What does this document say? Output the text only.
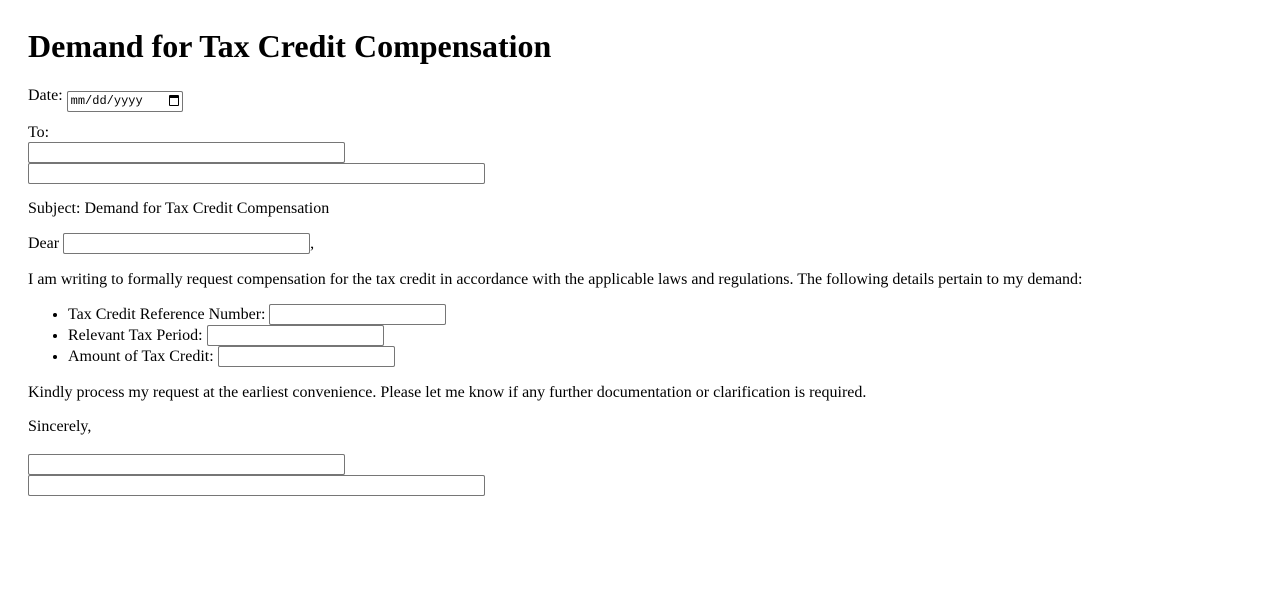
Demand for Tax Credit Compensation
Date: mm/dd/yyyy
To:
Subject: Demand for Tax Credit Compensation
Dear	,
I am writing to formally request compensation for the tax credit in accordance with the applicable laws and regulations. The following details pertain to my demand:
• Tax Credit Reference Number:
• Relevant Tax Period:
• Amount of Tax Credit:
Kindly process my request at the earliest convenience. Please let me know if any further documentation or clarification is required.
Sincerely,
